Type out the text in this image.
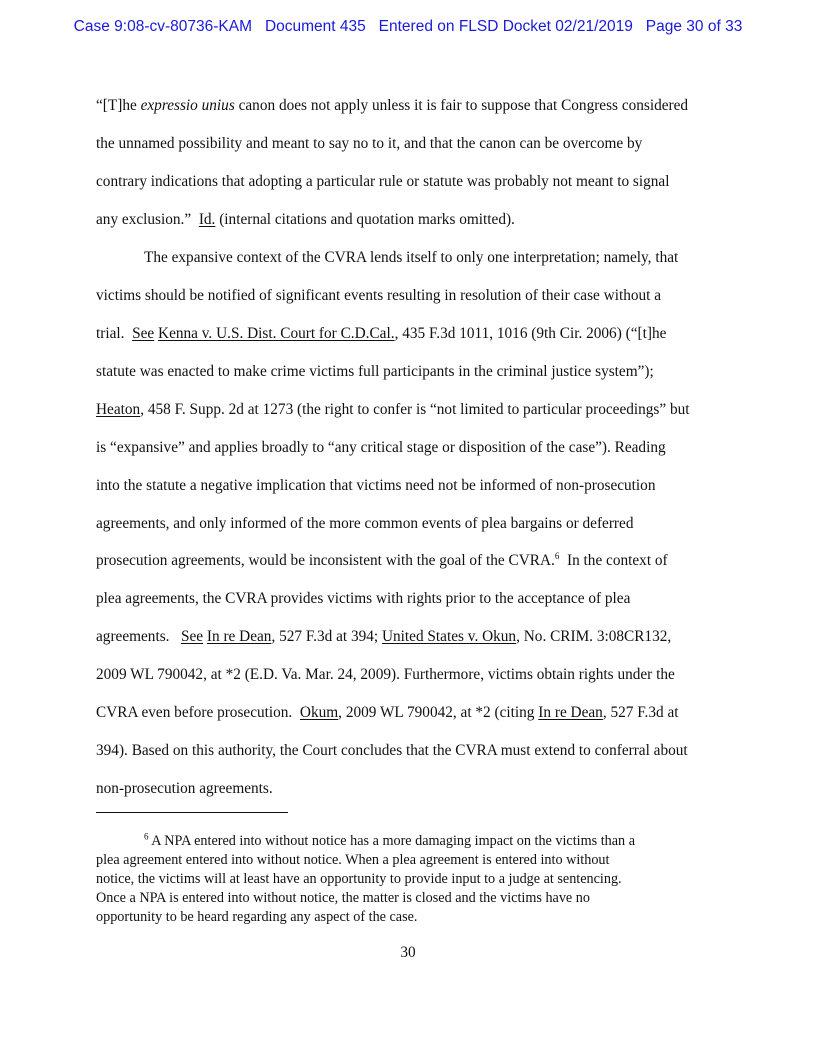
Case 9:08-cv-80736-KAM Document 435 Entered on FLSD Docket 02/21/2019 Page 30 of 33
“[T]he expressio unius canon does not apply unless it is fair to suppose that Congress considered
the unnamed possibility and meant to say no to it, and that the canon can be overcome by
contrary indications that adopting a particular rule or statute was probably not meant to signal
any exclusion.”  Id. (internal citations and quotation marks omitted).
The expansive context of the CVRA lends itself to only one interpretation; namely, that
victims should be notified of significant events resulting in resolution of their case without a
trial.  See Kenna v. U.S. Dist. Court for C.D.Cal., 435 F.3d 1011, 1016 (9th Cir. 2006) (“[t]he
statute was enacted to make crime victims full participants in the criminal justice system”);
Heaton, 458 F. Supp. 2d at 1273 (the right to confer is “not limited to particular proceedings” but
is “expansive” and applies broadly to “any critical stage or disposition of the case”). Reading
into the statute a negative implication that victims need not be informed of non-prosecution
agreements, and only informed of the more common events of plea bargains or deferred
prosecution agreements, would be inconsistent with the goal of the CVRA.$^6$  In the context of
plea agreements, the CVRA provides victims with rights prior to the acceptance of plea
agreements.   See In re Dean, 527 F.3d at 394; United States v. Okun, No. CRIM. 3:08CR132,
2009 WL 790042, at *2 (E.D. Va. Mar. 24, 2009). Furthermore, victims obtain rights under the
CVRA even before prosecution.  Okum, 2009 WL 790042, at *2 (citing In re Dean, 527 F.3d at
394). Based on this authority, the Court concludes that the CVRA must extend to conferral about
non-prosecution agreements.
$^6$ A NPA entered into without notice has a more damaging impact on the victims than a
plea agreement entered into without notice. When a plea agreement is entered into without
notice, the victims will at least have an opportunity to provide input to a judge at sentencing.
Once a NPA is entered into without notice, the matter is closed and the victims have no
opportunity to be heard regarding any aspect of the case.
30
